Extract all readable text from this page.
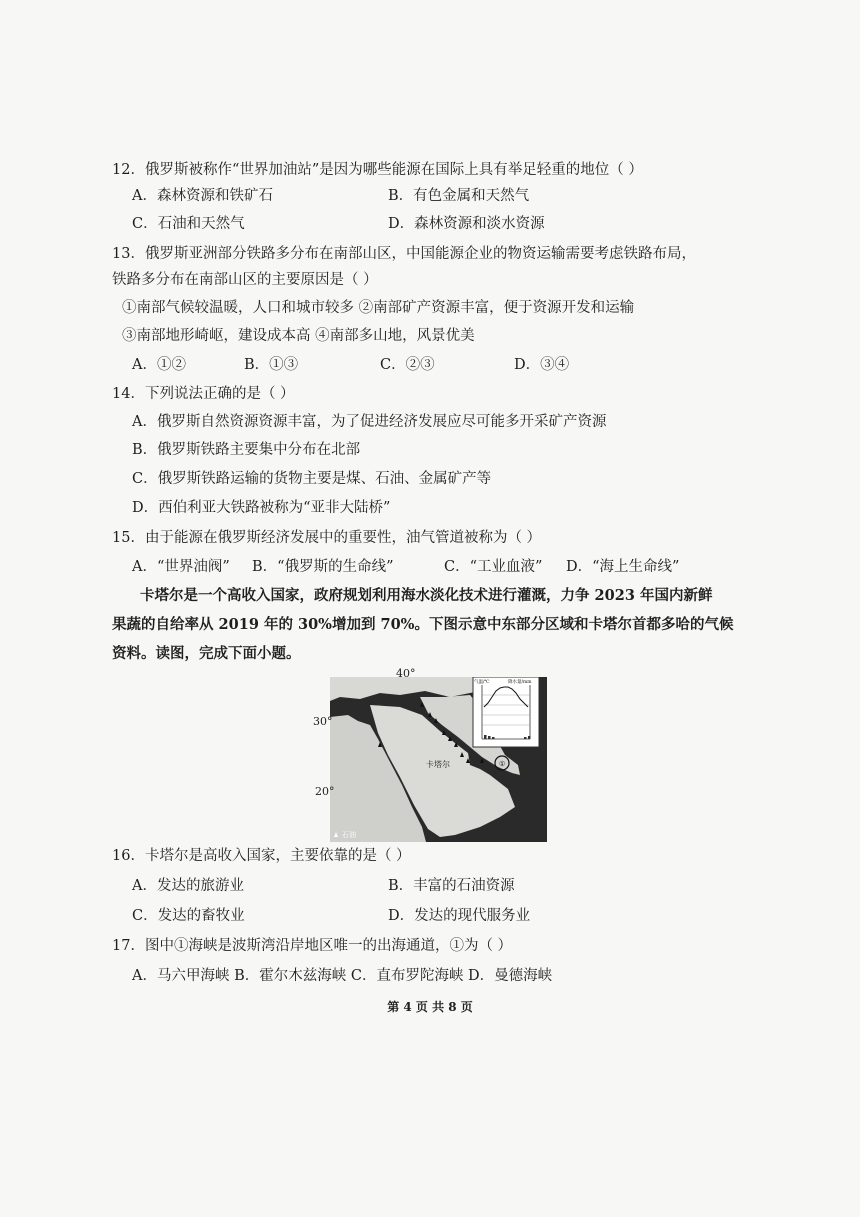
12．俄罗斯被称作“世界加油站”是因为哪些能源在国际上具有举足轻重的地位（ ）
A．森林资源和铁矿石	B．有色金属和天然气
C．石油和天然气	D．森林资源和淡水资源
13．俄罗斯亚洲部分铁路多分布在南部山区，中国能源企业的物资运输需要考虑铁路布局，
铁路多分布在南部山区的主要原因是（ ）
①南部气候较温暖，人口和城市较多 ②南部矿产资源丰富，便于资源开发和运输
③南部地形崎岖，建设成本高 ④南部多山地，风景优美
A．①②	B．①③	C．②③	D．③④
14．下列说法正确的是（ ）
A．俄罗斯自然资源资源丰富，为了促进经济发展应尽可能多开采矿产资源
B．俄罗斯铁路主要集中分布在北部
C．俄罗斯铁路运输的货物主要是煤、石油、金属矿产等
D．西伯利亚大铁路被称为“亚非大陆桥”
15．由于能源在俄罗斯经济发展中的重要性，油气管道被称为（ ）
A．“世界油阀” B．“俄罗斯的生命线”	C．“工业血液” D．“海上生命线”
卡塔尔是一个高收入国家，政府规划利用海水淡化技术进行灌溉，力争 2023 年国内新鲜
果蔬的自给率从 2019 年的 30%增加到 70%。下图示意中东部分区域和卡塔尔首都多哈的气候
资料。读图，完成下面小题。
气温/℃	降水量/mm
①
卡塔尔
石油
40°
30°
20°
16．卡塔尔是高收入国家，主要依靠的是（ ）
A．发达的旅游业	B．丰富的石油资源
C．发达的畜牧业	D．发达的现代服务业
17．图中①海峡是波斯湾沿岸地区唯一的出海通道，①为（ ）
A．马六甲海峡 B．霍尔木兹海峡 C．直布罗陀海峡 D．曼德海峡
第 4 页 共 8 页
